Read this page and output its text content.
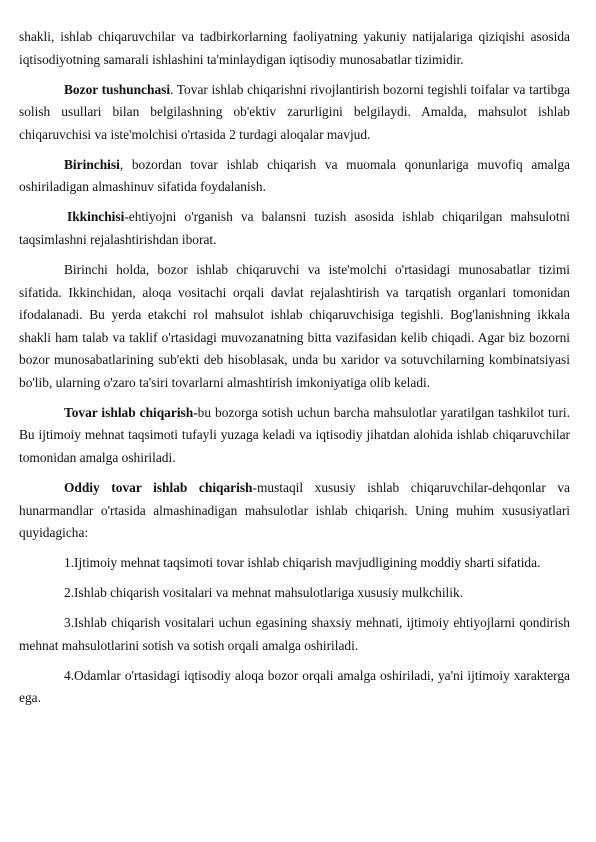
shakli, ishlab chiqaruvchilar va tadbirkorlarning faoliyatning yakuniy natijalariga qiziqishi asosida iqtisodiyotning samarali ishlashini ta'minlaydigan iqtisodiy munosabatlar tizimidir.

Bozor tushunchasi. Tovar ishlab chiqarishni rivojlantirish bozorni tegishli toifalar va tartibga solish usullari bilan belgilashning ob'ektiv zarurligini belgilaydi. Amalda, mahsulot ishlab chiqaruvchisi va iste'molchisi o'rtasida 2 turdagi aloqalar mavjud.

Birinchisi, bozordan tovar ishlab chiqarish va muomala qonunlariga muvofiq amalga oshiriladigan almashinuv sifatida foydalanish.

Ikkinchisi-ehtiyojni o'rganish va balansni tuzish asosida ishlab chiqarilgan mahsulotni taqsimlashni rejalashtirishdan iborat.

Birinchi holda, bozor ishlab chiqaruvchi va iste'molchi o'rtasidagi munosabatlar tizimi sifatida. Ikkinchidan, aloqa vositachi orqali davlat rejalashtirish va tarqatish organlari tomonidan ifodalanadi. Bu yerda etakchi rol mahsulot ishlab chiqaruvchisiga tegishli. Bog'lanishning ikkala shakli ham talab va taklif o'rtasidagi muvozanatning bitta vazifasidan kelib chiqadi. Agar biz bozorni bozor munosabatlarining sub'ekti deb hisoblasak, unda bu xaridor va sotuvchilarning kombinatsiyasi bo'lib, ularning o'zaro ta'siri tovarlarni almashtirish imkoniyatiga olib keladi.

Tovar ishlab chiqarish-bu bozorga sotish uchun barcha mahsulotlar yaratilgan tashkilot turi. Bu ijtimoiy mehnat taqsimoti tufayli yuzaga keladi va iqtisodiy jihatdan alohida ishlab chiqaruvchilar tomonidan amalga oshiriladi.

Oddiy tovar ishlab chiqarish-mustaqil xususiy ishlab chiqaruvchilar-dehqonlar va hunarmandlar o'rtasida almashinadigan mahsulotlar ishlab chiqarish. Uning muhim xususiyatlari quyidagicha:

1.Ijtimoiy mehnat taqsimoti tovar ishlab chiqarish mavjudligining moddiy sharti sifatida.

2.Ishlab chiqarish vositalari va mehnat mahsulotlariga xususiy mulkchilik.

3.Ishlab chiqarish vositalari uchun egasining shaxsiy mehnati, ijtimoiy ehtiyojlarni qondirish mehnat mahsulotlarini sotish va sotish orqali amalga oshiriladi.

4.Odamlar o'rtasidagi iqtisodiy aloqa bozor orqali amalga oshiriladi, ya'ni ijtimoiy xarakterga ega.
